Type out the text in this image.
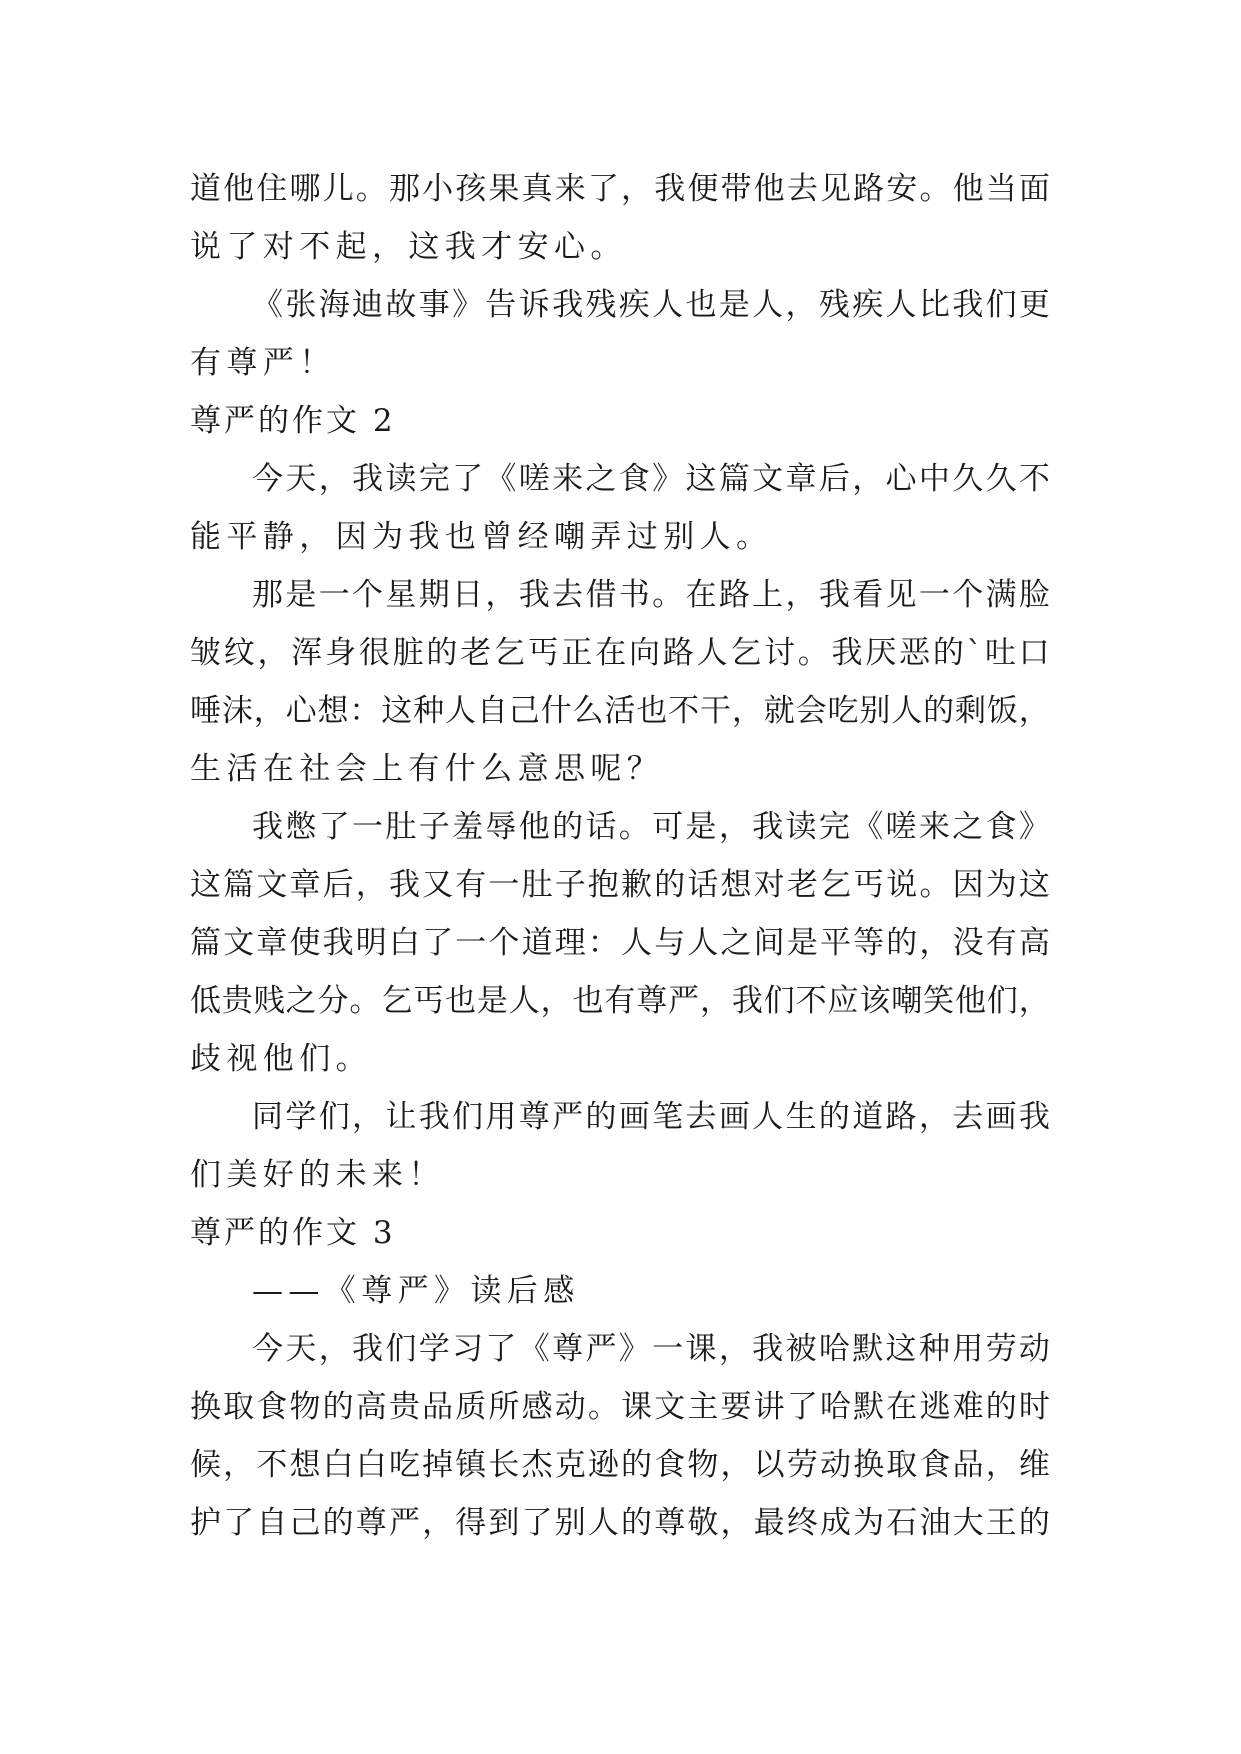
道 他 住 哪 儿 。 那 小 孩 果 真 来 了 ， 我 便 带 他 去 见 路 安 。 他 当 面

说了对不起，这我才安心。

《 张 海 迪 故 事 》 告 诉 我 残 疾 人 也 是 人 ， 残 疾 人 比 我 们 更

有尊严！

尊严的作文 2

今 天 ， 我 读 完 了 《 嗟 来 之 食 》 这 篇 文 章 后 ， 心 中 久 久 不

能平静，因为我也曾经嘲弄过别人。

那 是 一 个 星 期 日 ， 我 去 借 书 。 在 路 上 ， 我 看 见 一 个 满 脸

皱 纹 ， 浑 身 很 脏 的 老 乞 丐 正 在 向 路 人 乞 讨 。 我 厌 恶 的 ` 吐 口

唾 沫 ， 心 想 ： 这 种 人 自 己 什 么 活 也 不 干 ， 就 会 吃 别 人 的 剩 饭 ，

生活在社会上有什么意思呢？

我 憋 了 一 肚 子 羞 辱 他 的 话 。 可 是 ， 我 读 完 《 嗟 来 之 食 》

这 篇 文 章 后 ， 我 又 有 一 肚 子 抱 歉 的 话 想 对 老 乞 丐 说 。 因 为 这

篇 文 章 使 我 明 白 了 一 个 道 理 ： 人 与 人 之 间 是 平 等 的 ， 没 有 高

低 贵 贱 之 分 。 乞 丐 也 是 人 ， 也 有 尊 严 ， 我 们 不 应 该 嘲 笑 他 们 ，

歧视他们。

同 学 们 ， 让 我 们 用 尊 严 的 画 笔 去 画 人 生 的 道 路 ， 去 画 我

们美好的未来！

尊严的作文 3

——《尊严》读后感

今 天 ， 我 们 学 习 了 《 尊 严 》 一 课 ， 我 被 哈 默 这 种 用 劳 动

换 取 食 物 的 高 贵 品 质 所 感 动 。 课 文 主 要 讲 了 哈 默 在 逃 难 的 时

候 ， 不 想 白 白 吃 掉 镇 长 杰 克 逊 的 食 物 ， 以 劳 动 换 取 食 品 ， 维

护 了 自 己 的 尊 严 ， 得 到 了 别 人 的 尊 敬 ， 最 终 成 为 石 油 大 王 的
